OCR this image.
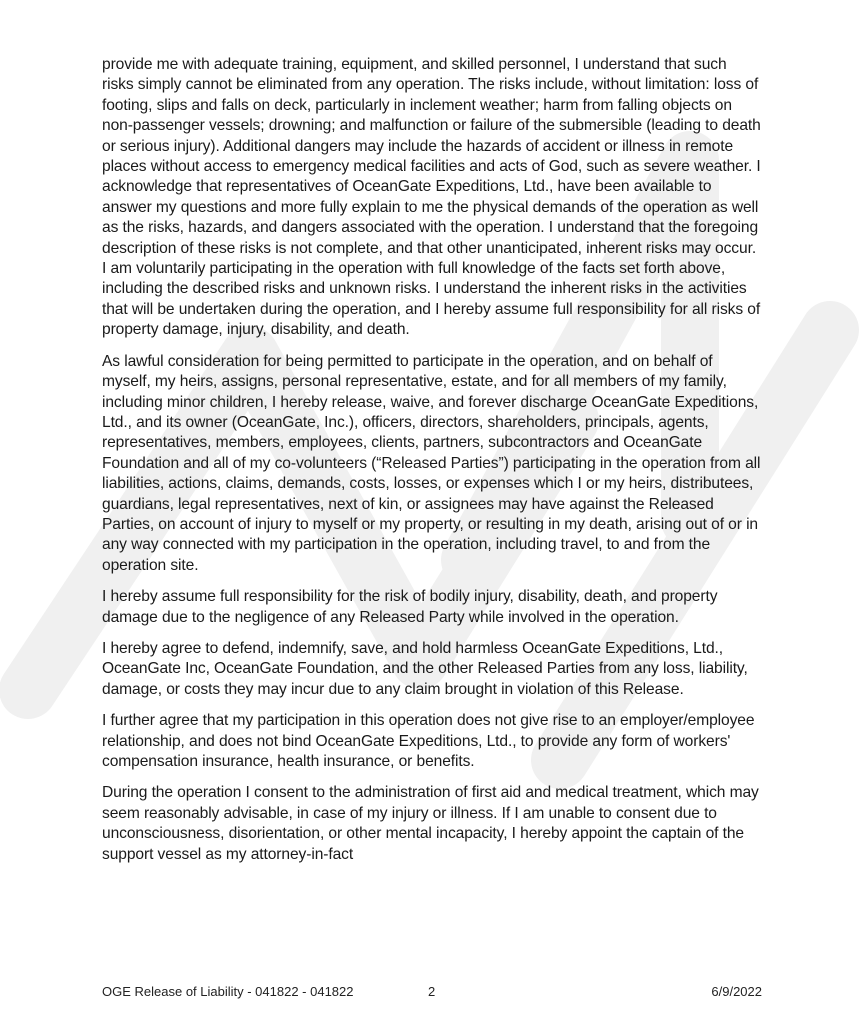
provide me with adequate training, equipment, and skilled personnel, I understand that such risks simply cannot be eliminated from any operation. The risks include, without limitation: loss of footing, slips and falls on deck, particularly in inclement weather; harm from falling objects on non-passenger vessels; drowning; and malfunction or failure of the submersible (leading to death or serious injury). Additional dangers may include the hazards of accident or illness in remote places without access to emergency medical facilities and acts of God, such as severe weather. I acknowledge that representatives of OceanGate Expeditions, Ltd., have been available to answer my questions and more fully explain to me the physical demands of the operation as well as the risks, hazards, and dangers associated with the operation. I understand that the foregoing description of these risks is not complete, and that other unanticipated, inherent risks may occur. I am voluntarily participating in the operation with full knowledge of the facts set forth above, including the described risks and unknown risks. I understand the inherent risks in the activities that will be undertaken during the operation, and I hereby assume full responsibility for all risks of property damage, injury, disability, and death.

As lawful consideration for being permitted to participate in the operation, and on behalf of myself, my heirs, assigns, personal representative, estate, and for all members of my family, including minor children, I hereby release, waive, and forever discharge OceanGate Expeditions, Ltd., and its owner (OceanGate, Inc.), officers, directors, shareholders, principals, agents, representatives, members, employees, clients, partners, subcontractors and OceanGate Foundation and all of my co-volunteers (“Released Parties”) participating in the operation from all liabilities, actions, claims, demands, costs, losses, or expenses which I or my heirs, distributees, guardians, legal representatives, next of kin, or assignees may have against the Released Parties, on account of injury to myself or my property, or resulting in my death, arising out of or in any way connected with my participation in the operation, including travel, to and from the operation site.

I hereby assume full responsibility for the risk of bodily injury, disability, death, and property damage due to the negligence of any Released Party while involved in the operation.

I hereby agree to defend, indemnify, save, and hold harmless OceanGate Expeditions, Ltd., OceanGate Inc, OceanGate Foundation, and the other Released Parties from any loss, liability, damage, or costs they may incur due to any claim brought in violation of this Release.

I further agree that my participation in this operation does not give rise to an employer/employee relationship, and does not bind OceanGate Expeditions, Ltd., to provide any form of workers' compensation insurance, health insurance, or benefits.

During the operation I consent to the administration of first aid and medical treatment, which may seem reasonably advisable, in case of my injury or illness. If I am unable to consent due to unconsciousness, disorientation, or other mental incapacity, I hereby appoint the captain of the support vessel as my attorney-in-fact

OGE Release of Liability - 041822 - 041822	2	6/9/2022
